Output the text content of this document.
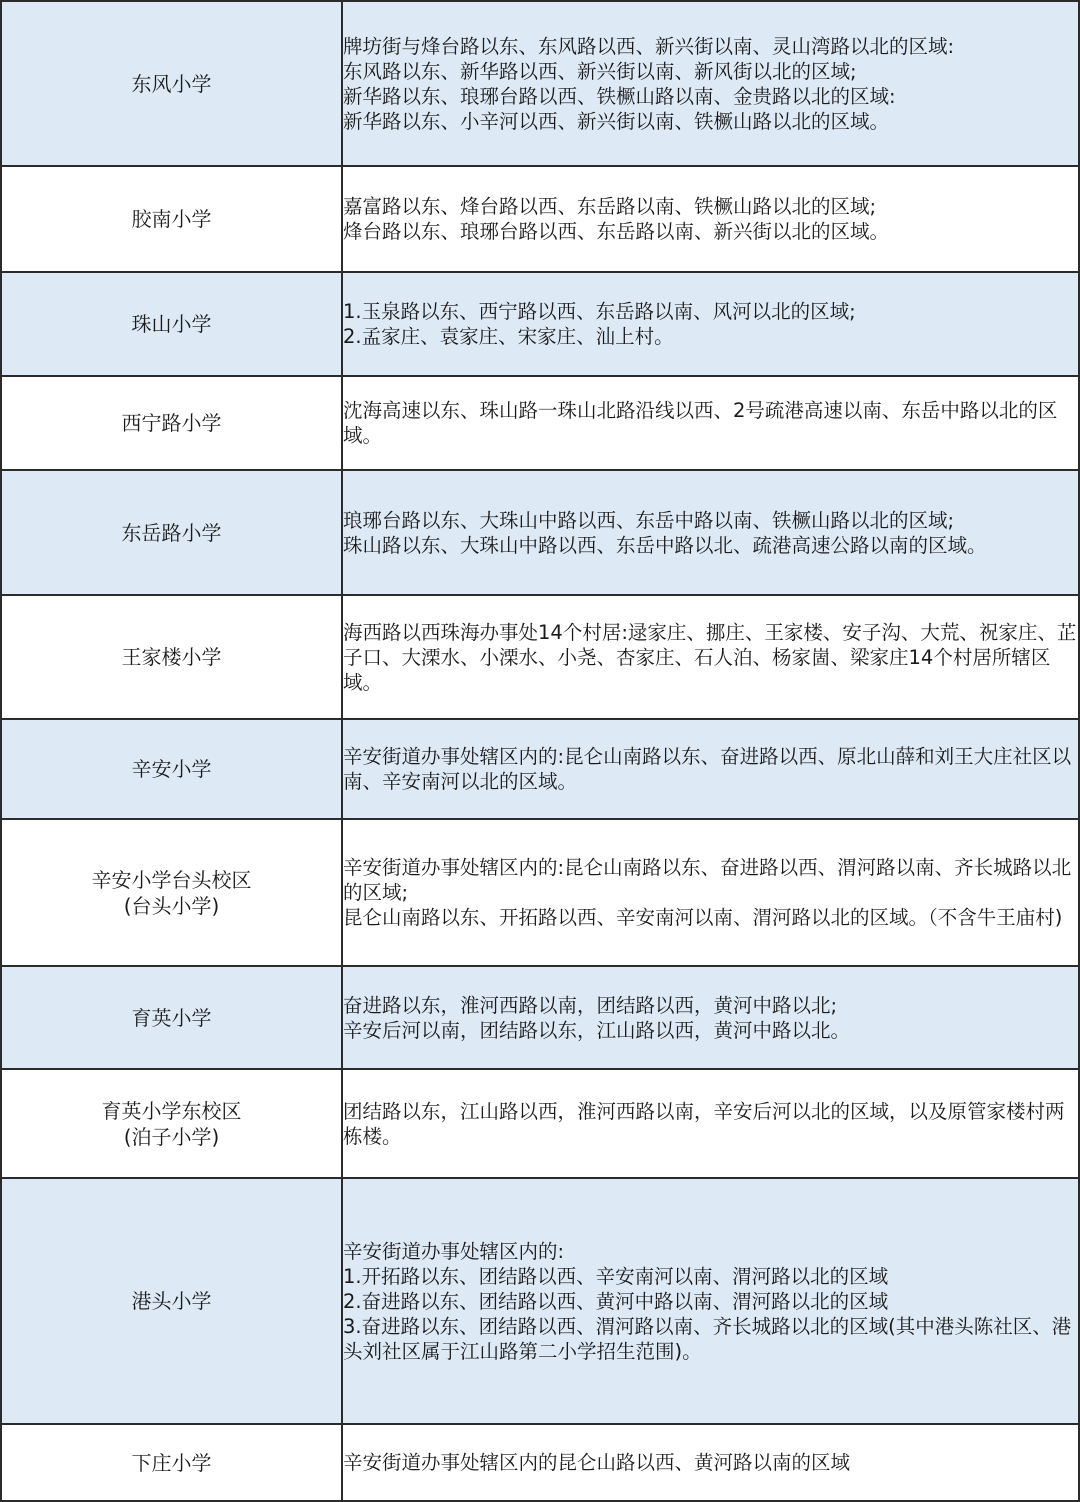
东风小学	牌坊街与烽台路以东、东风路以西、新兴街以南、灵山湾路以北的区域:
东风路以东、新华路以西、新兴街以南、新风街以北的区域;
新华路以东、琅琊台路以西、铁橛山路以南、金贵路以北的区域:
新华路以东、小辛河以西、新兴街以南、铁橛山路以北的区域。

胶南小学	嘉富路以东、烽台路以西、东岳路以南、铁橛山路以北的区域;
烽台路以东、琅琊台路以西、东岳路以南、新兴街以北的区域。

珠山小学	1.玉泉路以东、西宁路以西、东岳路以南、风河以北的区域;
2.孟家庄、袁家庄、宋家庄、汕上村。

西宁路小学	沈海高速以东、珠山路一珠山北路沿线以西、2号疏港高速以南、东岳中路以北的区域。

东岳路小学	琅琊台路以东、大珠山中路以西、东岳中路以南、铁橛山路以北的区域;
珠山路以东、大珠山中路以西、东岳中路以北、疏港高速公路以南的区域。

王家楼小学	海西路以西珠海办事处14个村居:逯家庄、挪庄、王家楼、安子沟、大荒、祝家庄、芷子口、大溧水、小溧水、小尧、杏家庄、石人泊、杨家崮、梁家庄14个村居所辖区域。

辛安小学	辛安街道办事处辖区内的:昆仑山南路以东、奋进路以西、原北山薛和刘王大庄社区以南、辛安南河以北的区域。

辛安小学台头校区
(台头小学)	辛安街道办事处辖区内的:昆仑山南路以东、奋进路以西、渭河路以南、齐长城路以北的区域;
昆仑山南路以东、开拓路以西、辛安南河以南、渭河路以北的区域。（不含牛王庙村)

育英小学	奋进路以东，淮河西路以南，团结路以西，黄河中路以北;
辛安后河以南，团结路以东，江山路以西，黄河中路以北。

育英小学东校区
(泊子小学)	团结路以东，江山路以西，淮河西路以南，辛安后河以北的区域，以及原管家楼村两栋楼。

港头小学	辛安街道办事处辖区内的:
1.开拓路以东、团结路以西、辛安南河以南、渭河路以北的区域
2.奋进路以东、团结路以西、黄河中路以南、渭河路以北的区域
3.奋进路以东、团结路以西、渭河路以南、齐长城路以北的区域(其中港头陈社区、港头刘社区属于江山路第二小学招生范围)。

下庄小学	辛安街道办事处辖区内的昆仑山路以西、黄河路以南的区域
